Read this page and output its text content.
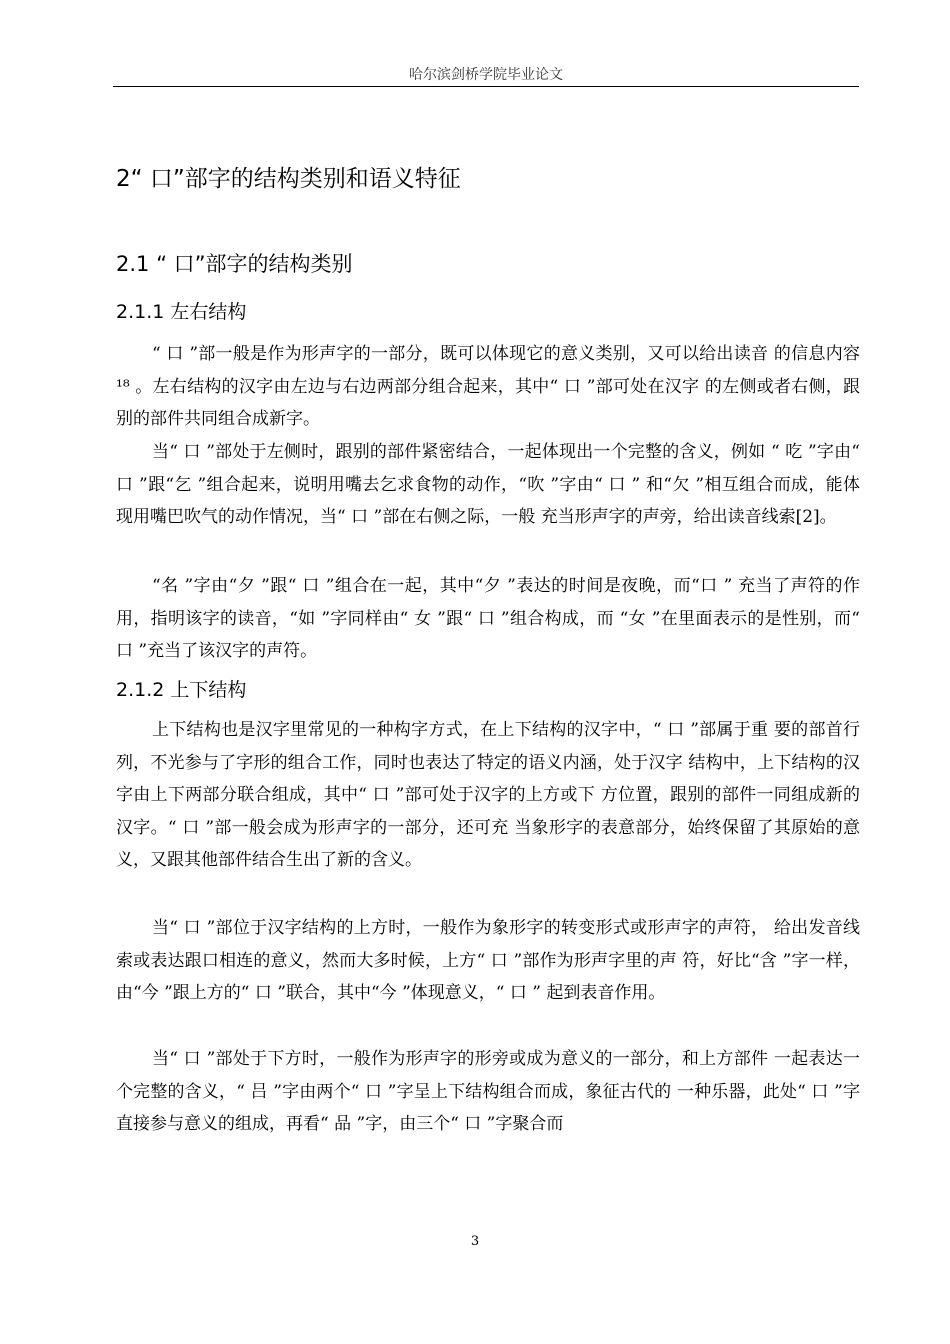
哈尔滨剑桥学院毕业论文
2“ 口”部字的结构类别和语义特征
2.1 “ 口”部字的结构类别
2.1.1 左右结构

“ 口 ”部一般是作为形声字的一部分，既可以体现它的意义类别，又可以给出读音 的信息内容 ¹⁸ 。左右结构的汉字由左边与右边两部分组合起来，其中“ 口 ”部可处在汉字 的左侧或者右侧，跟别的部件共同组合成新字。

当“ 口 ”部处于左侧时，跟别的部件紧密结合，一起体现出一个完整的含义，例如 “ 吃 ”字由“ 口 ”跟“乞 ”组合起来，说明用嘴去乞求食物的动作，“吹 ”字由“ 口 ” 和“欠 ”相互组合而成，能体现用嘴巴吹气的动作情况，当“ 口 ”部在右侧之际，一般 充当形声字的声旁，给出读音线索[2]。

“名 ”字由“夕 ”跟“ 口 ”组合在一起，其中“夕 ”表达的时间是夜晚，而“口 ” 充当了声符的作用，指明该字的读音，“如 ”字同样由“ 女 ”跟“ 口 ”组合构成，而 “女 ”在里面表示的是性别，而“ 口 ”充当了该汉字的声符。

2.1.2 上下结构

上下结构也是汉字里常见的一种构字方式，在上下结构的汉字中，“ 口 ”部属于重 要的部首行列，不光参与了字形的组合工作，同时也表达了特定的语义内涵，处于汉字 结构中，上下结构的汉字由上下两部分联合组成，其中“ 口 ”部可处于汉字的上方或下 方位置，跟别的部件一同组成新的汉字。“ 口 ”部一般会成为形声字的一部分，还可充 当象形字的表意部分，始终保留了其原始的意义，又跟其他部件结合生出了新的含义。

当“ 口 ”部位于汉字结构的上方时，一般作为象形字的转变形式或形声字的声符， 给出发音线索或表达跟口相连的意义，然而大多时候，上方“ 口 ”部作为形声字里的声 符，好比“含 ”字一样，由“今 ”跟上方的“ 口 ”联合，其中“今 ”体现意义，“ 口 ” 起到表音作用。

当“ 口 ”部处于下方时，一般作为形声字的形旁或成为意义的一部分，和上方部件 一起表达一个完整的含义，“ 吕 ”字由两个“ 口 ”字呈上下结构组合而成，象征古代的 一种乐器，此处“ 口 ”字直接参与意义的组成，再看“ 品 ”字，由三个“ 口 ”字聚合而

3
